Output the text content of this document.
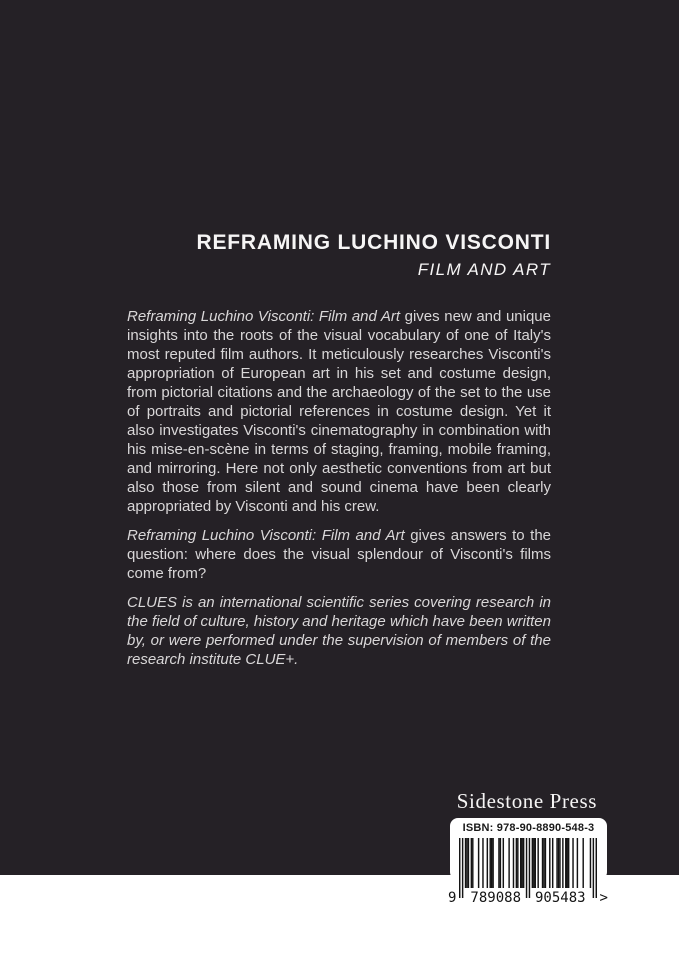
REFRAMING LUCHINO VISCONTI
FILM AND ART

Reframing Luchino Visconti: Film and Art gives new and unique insights into the roots of the visual vocabulary of one of Italy's most reputed film authors. It meticulously researches Visconti's appropriation of European art in his set and costume design, from pictorial citations and the archaeology of the set to the use of portraits and pictorial references in costume design. Yet it also investigates Visconti's cinematography in combination with his mise-en-scène in terms of staging, framing, mobile framing, and mirroring. Here not only aesthetic conventions from art but also those from silent and sound cinema have been clearly appropriated by Visconti and his crew.

Reframing Luchino Visconti: Film and Art gives answers to the question: where does the visual splendour of Visconti's films come from?

CLUES is an international scientific series covering research in the field of culture, history and heritage which have been written by, or were performed under the supervision of members of the research institute CLUE+.

Sidestone Press
ISBN: 978-90-8890-548-3
9 789088 905483 >
